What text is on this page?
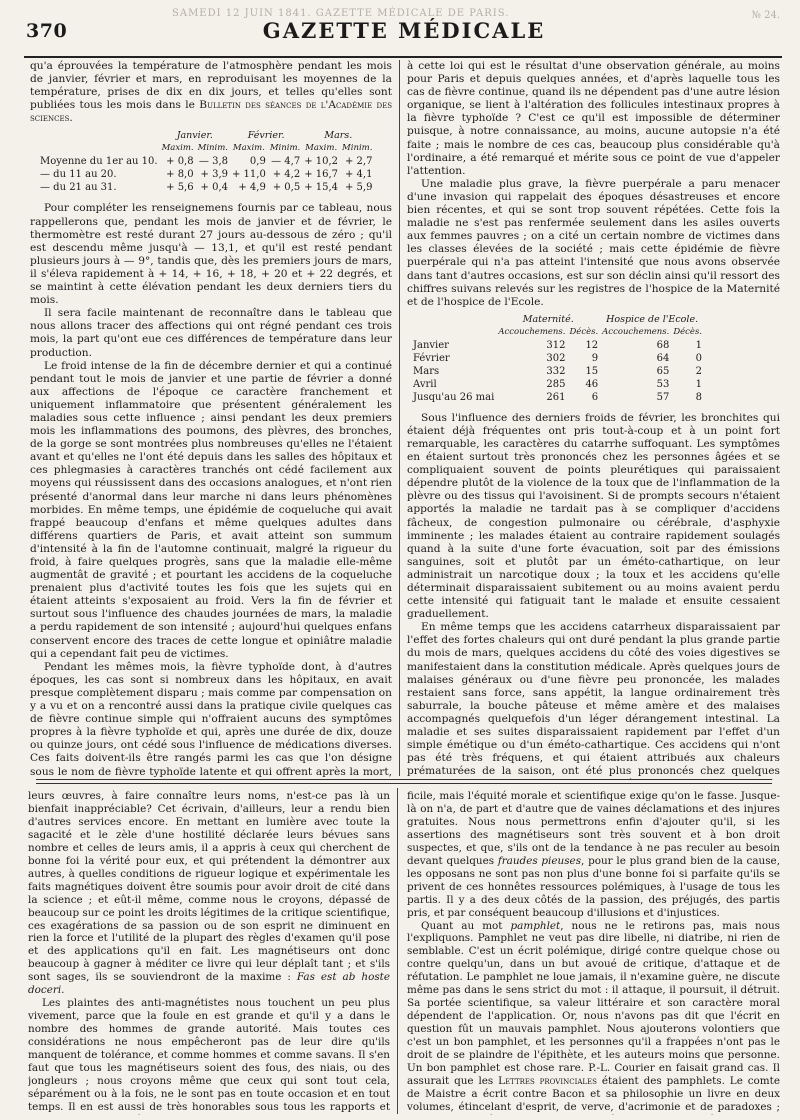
SAMEDI 12 JUIN 1841. GAZETTE MÉDICALE DE PARIS.	№ 24.
370	GAZETTE MÉDICALE

qu'a éprouvées la température de l'atmosphère pendant les mois de janvier, février et mars, en reproduisant les moyennes de la température, prises de dix en dix jours, et telles qu'elles sont publiées tous les mois dans le Bulletin des séances de l'Académie des sciences.

	Janvier.		Février.		Mars.	
	Maxim.	Minim.	Maxim.	Minim.	Maxim.	Minim.
Moyenne du 1er au 10.	+ 0,8	— 3,8	0,9	— 4,7	+ 10,2	+ 2,7
— du 11 au 20.	+ 8,0	+ 3,9	+ 11,0	+ 4,2	+ 16,7	+ 4,1
— du 21 au 31.	+ 5,6	+ 0,4	+ 4,9	+ 0,5	+ 15,4	+ 5,9

Pour compléter les renseignemens fournis par ce tableau, nous rappellerons que, pendant les mois de janvier et de février, le thermomètre est resté durant 27 jours au-dessous de zéro ; qu'il est descendu même jusqu'à — 13,1, et qu'il est resté pendant plusieurs jours à — 9°, tandis que, dès les premiers jours de mars, il s'éleva rapidement à + 14, + 16, + 18, + 20 et + 22 degrés, et se maintint à cette élévation pendant les deux derniers tiers du mois.

Il sera facile maintenant de reconnaître dans le tableau que nous allons tracer des affections qui ont régné pendant ces trois mois, la part qu'ont eue ces différences de température dans leur production.

Le froid intense de la fin de décembre dernier et qui a continué pendant tout le mois de janvier et une partie de février a donné aux affections de l'époque ce caractère franchement et uniquement inflammatoire que présentent généralement les maladies sous cette influence ; ainsi pendant les deux premiers mois les inflammations des poumons, des plèvres, des bronches, de la gorge se sont montrées plus nombreuses qu'elles ne l'étaient avant et qu'elles ne l'ont été depuis dans les salles des hôpitaux et ces phlegmasies à caractères tranchés ont cédé facilement aux moyens qui réussissent dans des occasions analogues, et n'ont rien présenté d'anormal dans leur marche ni dans leurs phénomènes morbides. En même temps, une épidémie de coqueluche qui avait frappé beaucoup d'enfans et même quelques adultes dans différens quartiers de Paris, et avait atteint son summum d'intensité à la fin de l'automne continuait, malgré la rigueur du froid, à faire quelques progrès, sans que la maladie elle-même augmentât de gravité ; et pourtant les accidens de la coqueluche prenaient plus d'activité toutes les fois que les sujets qui en étaient atteints s'exposaient au froid. Vers la fin de février et surtout sous l'influence des chaudes journées de mars, la maladie a perdu rapidement de son intensité ; aujourd'hui quelques enfans conservent encore des traces de cette longue et opiniâtre maladie qui a cependant fait peu de victimes.

Pendant les mêmes mois, la fièvre typhoïde dont, à d'autres époques, les cas sont si nombreux dans les hôpitaux, en avait presque complètement disparu ; mais comme par compensation on y a vu et on a rencontré aussi dans la pratique civile quelques cas de fièvre continue simple qui n'offraient aucuns des symptômes propres à la fièvre typhoïde et qui, après une durée de dix, douze ou quinze jours, ont cédé sous l'influence de médications diverses. Ces faits doivent-ils être rangés parmi les cas que l'on désigne sous le nom de fièvre typhoïde latente et qui offrent après la mort,

à cette loi qui est le résultat d'une observation générale, au moins pour Paris et depuis quelques années, et d'après laquelle tous les cas de fièvre continue, quand ils ne dépendent pas d'une autre lésion organique, se lient à l'altération des follicules intestinaux propres à la fièvre typhoïde ? C'est ce qu'il est impossible de déterminer puisque, à notre connaissance, au moins, aucune autopsie n'a été faite ; mais le nombre de ces cas, beaucoup plus considérable qu'à l'ordinaire, a été remarqué et mérite sous ce point de vue d'appeler l'attention.

Une maladie plus grave, la fièvre puerpérale a paru menacer d'une invasion qui rappelait des époques désastreuses et encore bien récentes, et qui se sont trop souvent répétées. Cette fois la maladie ne s'est pas renfermée seulement dans les asiles ouverts aux femmes pauvres ; on a cité un certain nombre de victimes dans les classes élevées de la société ; mais cette épidémie de fièvre puerpérale qui n'a pas atteint l'intensité que nous avons observée dans tant d'autres occasions, est sur son déclin ainsi qu'il ressort des chiffres suivans relevés sur les registres de l'hospice de la Maternité et de l'hospice de l'Ecole.

	Maternité.		Hospice de l'Ecole.	
	Accouchemens.	Décès.	Accouchemens.	Décès.
Janvier	312	12	68	1
Février	302	9	64	0
Mars	332	15	65	2
Avril	285	46	53	1
Jusqu'au 26 mai	261	6	57	8

Sous l'influence des derniers froids de février, les bronchites qui étaient déjà fréquentes ont pris tout-à-coup et à un point fort remarquable, les caractères du catarrhe suffoquant. Les symptômes en étaient surtout très prononcés chez les personnes âgées et se compliquaient souvent de points pleurétiques qui paraissaient dépendre plutôt de la violence de la toux que de l'inflammation de la plèvre ou des tissus qui l'avoisinent. Si de prompts secours n'étaient apportés la maladie ne tardait pas à se compliquer d'accidens fâcheux, de congestion pulmonaire ou cérébrale, d'asphyxie imminente ; les malades étaient au contraire rapidement soulagés quand à la suite d'une forte évacuation, soit par des émissions sanguines, soit et plutôt par un éméto-cathartique, on leur administrait un narcotique doux ; la toux et les accidens qu'elle déterminait disparaissaient subitement ou au moins avaient perdu cette intensité qui fatiguait tant le malade et ensuite cessaient graduellement.

En même temps que les accidens catarrheux disparaissaient par l'effet des fortes chaleurs qui ont duré pendant la plus grande partie du mois de mars, quelques accidens du côté des voies digestives se manifestaient dans la constitution médicale. Après quelques jours de malaises généraux ou d'une fièvre peu prononcée, les malades restaient sans force, sans appétit, la langue ordinairement très saburrale, la bouche pâteuse et même amère et des malaises accompagnés quelquefois d'un léger dérangement intestinal. La maladie et ses suites disparaissaient rapidement par l'effet d'un simple émétique ou d'un éméto-cathartique. Ces accidens qui n'ont pas été très fréquens, et qui étaient attribués aux chaleurs prématurées de la saison, ont été plus prononcés chez quelques

leurs œuvres, à faire connaître leurs noms, n'est-ce pas là un bienfait inappréciable? Cet écrivain, d'ailleurs, leur a rendu bien d'autres services encore. En mettant en lumière avec toute la sagacité et le zèle d'une hostilité déclarée leurs bévues sans nombre et celles de leurs amis, il a appris à ceux qui cherchent de bonne foi la vérité pour eux, et qui prétendent la démontrer aux autres, à quelles conditions de rigueur logique et expérimentale les faits magnétiques doivent être soumis pour avoir droit de cité dans la science ; et eût-il même, comme nous le croyons, dépassé de beaucoup sur ce point les droits légitimes de la critique scientifique, ces exagérations de sa passion ou de son esprit ne diminuent en rien la force et l'utilité de la plupart des règles d'examen qu'il pose et des applications qu'il en fait. Les magnétiseurs ont donc beaucoup à gagner à méditer ce livre qui leur déplaît tant ; et s'ils sont sages, ils se souviendront de la maxime : Fas est ab hoste doceri.

Les plaintes des anti-magnétistes nous touchent un peu plus vivement, parce que la foule en est grande et qu'il y a dans le nombre des hommes de grande autorité. Mais toutes ces considérations ne nous empêcheront pas de leur dire qu'ils manquent de tolérance, et comme hommes et comme savans. Il s'en faut que tous les magnétiseurs soient des fous, des niais, ou des jongleurs ; nous croyons même que ceux qui sont tout cela, séparément ou à la fois, ne le sont pas en toute occasion et en tout temps. Il en est aussi de très honorables sous tous les rapports et

ficile, mais l'équité morale et scientifique exige qu'on le fasse. Jusque-là on n'a, de part et d'autre que de vaines déclamations et des injures gratuites. Nous nous permettrons enfin d'ajouter qu'il, si les assertions des magnétiseurs sont très souvent et à bon droit suspectes, et que, s'ils ont de la tendance à ne pas reculer au besoin devant quelques fraudes pieuses, pour le plus grand bien de la cause, les opposans ne sont pas non plus d'une bonne foi si parfaite qu'ils se privent de ces honnêtes ressources polémiques, à l'usage de tous les partis. Il y a des deux côtés de la passion, des préjugés, des partis pris, et par conséquent beaucoup d'illusions et d'injustices.

Quant au mot pamphlet, nous ne le retirons pas, mais nous l'expliquons. Pamphlet ne veut pas dire libelle, ni diatribe, ni rien de semblable. C'est un écrit polémique, dirigé contre quelque chose ou contre quelqu'un, dans un but avoué de critique, d'attaque et de réfutation. Le pamphlet ne loue jamais, il n'examine guère, ne discute même pas dans le sens strict du mot : il attaque, il poursuit, il détruit. Sa portée scientifique, sa valeur littéraire et son caractère moral dépendent de l'application. Or, nous n'avons pas dit que l'écrit en question fût un mauvais pamphlet. Nous ajouterons volontiers que c'est un bon pamphlet, et les personnes qu'il a frappées n'ont pas le droit de se plaindre de l'épithète, et les auteurs moins que personne. Un bon pamphlet est chose rare. P.-L. Courier en faisait grand cas. Il assurait que les Lettres provinciales étaient des pamphlets. Le comte de Maistre a écrit contre Bacon et sa philosophie un livre en deux volumes, étincelant d'esprit, de verve, d'acrimonie et de paradoxes ;
